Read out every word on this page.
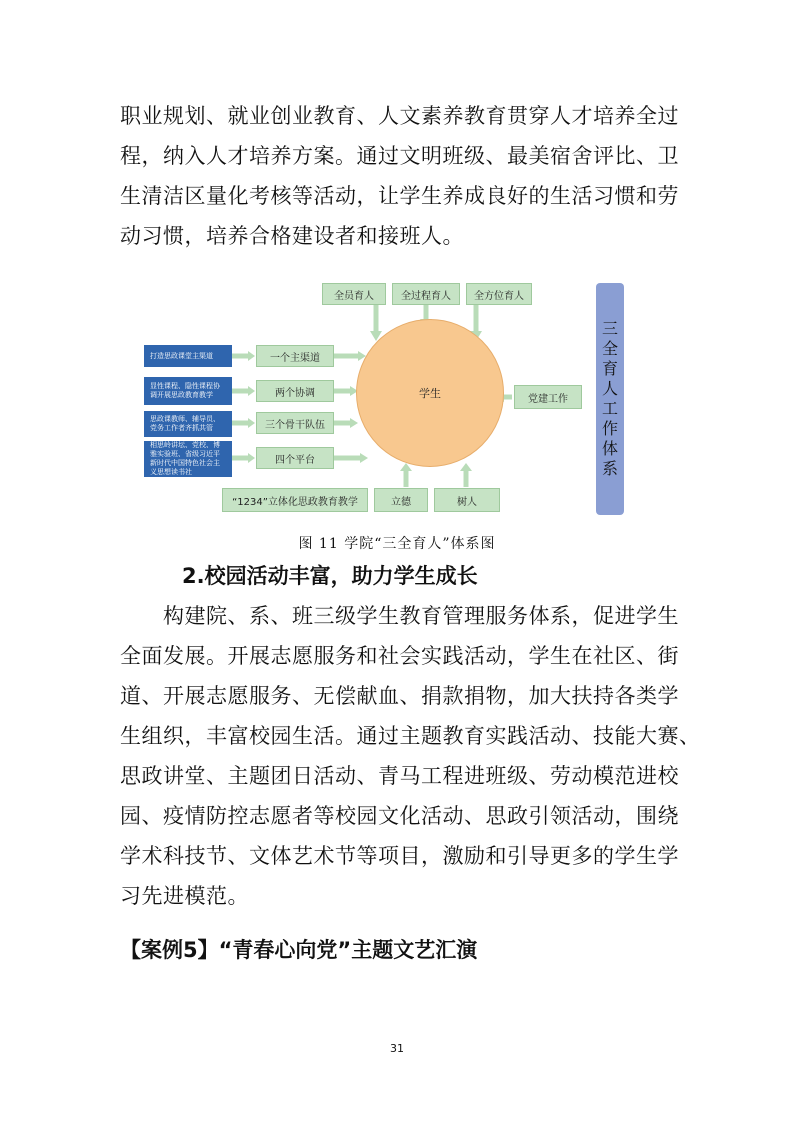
职业规划、就业创业教育、人文素养教育贯穿人才培养全过
程，纳入人才培养方案。通过文明班级、最美宿舍评比、卫
生清洁区量化考核等活动，让学生养成良好的生活习惯和劳
动习惯，培养合格建设者和接班人。

全员育人	全过程育人	全方位育人
学生	党建工作
三
全
育
人
工
作
体
系
打造思政课堂主渠道
显性课程、隐性课程协调开展思政教育教学
思政课教师、辅导员、党务工作者齐抓共管
相思岭讲坛、党校、博雅实验班、省级习近平新时代中国特色社会主义思想读书社
一个主渠道
两个协调
三个骨干队伍
四个平台
“1234”立体化思政教育教学	立德	树人
图 11 学院“三全育人”体系图
2.校园活动丰富，助力学生成长

　　构建院、系、班三级学生教育管理服务体系，促进学生
全面发展。开展志愿服务和社会实践活动，学生在社区、街
道、开展志愿服务、无偿献血、捐款捐物，加大扶持各类学
生组织，丰富校园生活。通过主题教育实践活动、技能大赛、
思政讲堂、主题团日活动、青马工程进班级、劳动模范进校
园、疫情防控志愿者等校园文化活动、思政引领活动，围绕
学术科技节、文体艺术节等项目，激励和引导更多的学生学
习先进模范。

【案例5】“青春心向党”主题文艺汇演
31
